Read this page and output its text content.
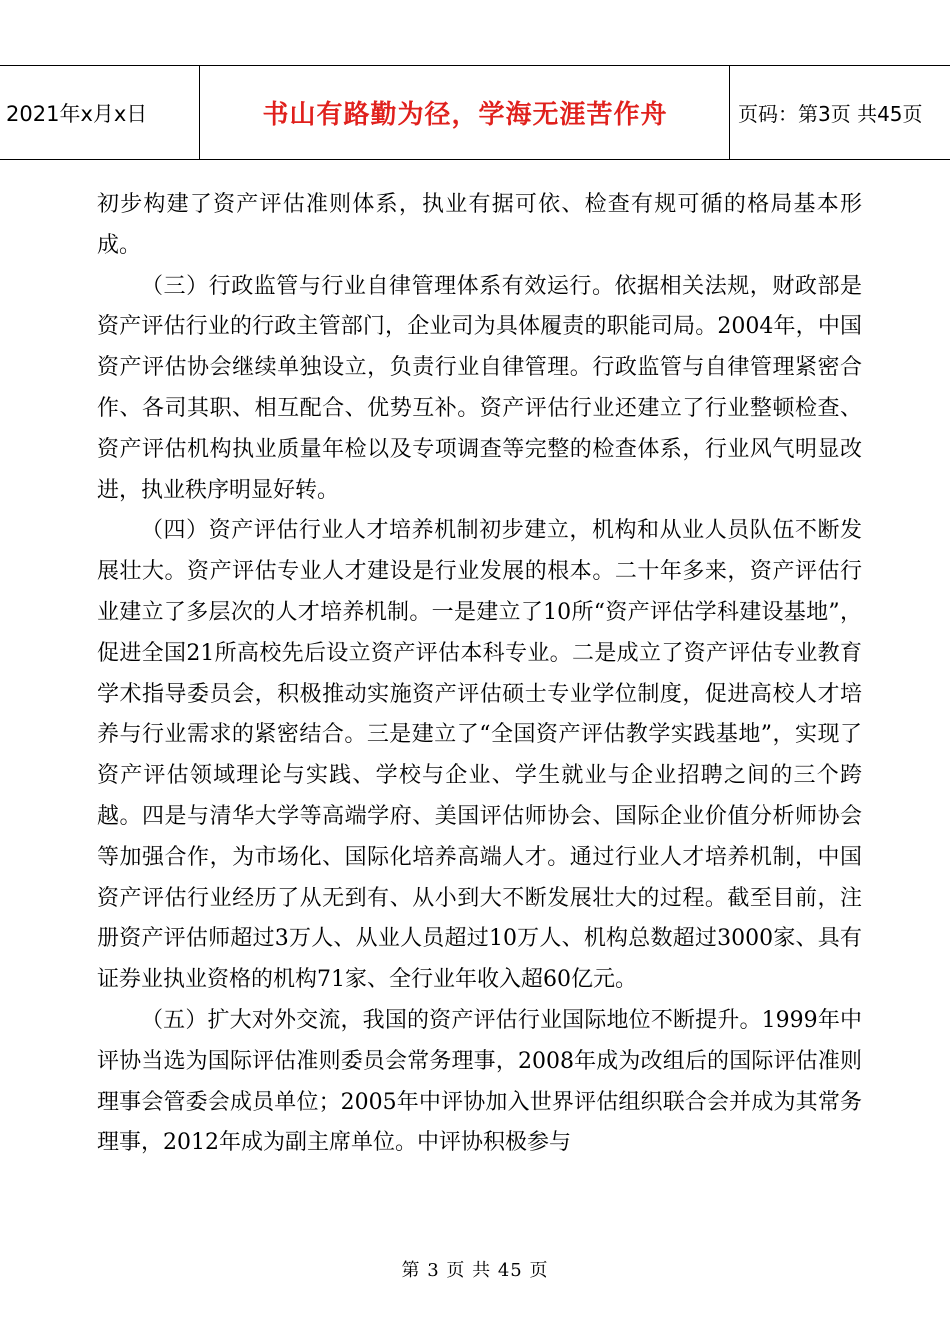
2021年x月x日	书山有路勤为径，学海无涯苦作舟	页码：第3页 共45页

初步构建了资产评估准则体系，执业有据可依、检查有规可循的格局基本形成。

（三）行政监管与行业自律管理体系有效运行。依据相关法规，财政部是资产评估行业的行政主管部门，企业司为具体履责的职能司局。2004年，中国资产评估协会继续单独设立，负责行业自律管理。行政监管与自律管理紧密合作、各司其职、相互配合、优势互补。资产评估行业还建立了行业整顿检查、资产评估机构执业质量年检以及专项调查等完整的检查体系，行业风气明显改进，执业秩序明显好转。

（四）资产评估行业人才培养机制初步建立，机构和从业人员队伍不断发展壮大。资产评估专业人才建设是行业发展的根本。二十年多来，资产评估行业建立了多层次的人才培养机制。一是建立了10所“资产评估学科建设基地”，促进全国21所高校先后设立资产评估本科专业。二是成立了资产评估专业教育学术指导委员会，积极推动实施资产评估硕士专业学位制度，促进高校人才培养与行业需求的紧密结合。三是建立了“全国资产评估教学实践基地”，实现了资产评估领域理论与实践、学校与企业、学生就业与企业招聘之间的三个跨越。四是与清华大学等高端学府、美国评估师协会、国际企业价值分析师协会等加强合作，为市场化、国际化培养高端人才。通过行业人才培养机制，中国资产评估行业经历了从无到有、从小到大不断发展壮大的过程。截至目前，注册资产评估师超过3万人、从业人员超过10万人、机构总数超过3000家、具有证券业执业资格的机构71家、全行业年收入超60亿元。

（五）扩大对外交流，我国的资产评估行业国际地位不断提升。1999年中评协当选为国际评估准则委员会常务理事，2008年成为改组后的国际评估准则理事会管委会成员单位；2005年中评协加入世界评估组织联合会并成为其常务理事，2012年成为副主席单位。中评协积极参与

第 3 页 共 45 页
